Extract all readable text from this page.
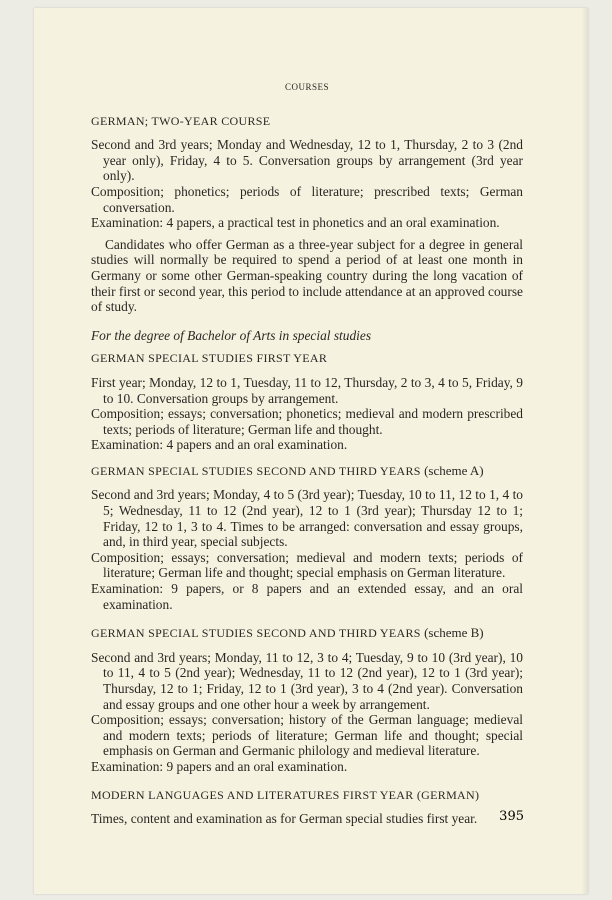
COURSES
GERMAN; TWO-YEAR COURSE

Second and 3rd years; Monday and Wednesday, 12 to 1, Thursday, 2 to 3 (2nd year only), Friday, 4 to 5. Conversation groups by arrangement (3rd year only).

Composition; phonetics; periods of literature; prescribed texts; German conversation.

Examination: 4 papers, a practical test in phonetics and an oral examination.

Candidates who offer German as a three-year subject for a degree in general studies will normally be required to spend a period of at least one month in Germany or some other German-speaking country during the long vacation of their first or second year, this period to include attendance at an approved course of study.

For the degree of Bachelor of Arts in special studies

GERMAN SPECIAL STUDIES FIRST YEAR

First year; Monday, 12 to 1, Tuesday, 11 to 12, Thursday, 2 to 3, 4 to 5, Friday, 9 to 10. Conversation groups by arrangement.

Composition; essays; conversation; phonetics; medieval and modern prescribed texts; periods of literature; German life and thought.

Examination: 4 papers and an oral examination.

GERMAN SPECIAL STUDIES SECOND AND THIRD YEARS (scheme A)

Second and 3rd years; Monday, 4 to 5 (3rd year); Tuesday, 10 to 11, 12 to 1, 4 to 5; Wednesday, 11 to 12 (2nd year), 12 to 1 (3rd year); Thursday 12 to 1; Friday, 12 to 1, 3 to 4. Times to be arranged: conversation and essay groups, and, in third year, special subjects.

Composition; essays; conversation; medieval and modern texts; periods of literature; German life and thought; special emphasis on German literature.

Examination: 9 papers, or 8 papers and an extended essay, and an oral examination.

GERMAN SPECIAL STUDIES SECOND AND THIRD YEARS (scheme B)

Second and 3rd years; Monday, 11 to 12, 3 to 4; Tuesday, 9 to 10 (3rd year), 10 to 11, 4 to 5 (2nd year); Wednesday, 11 to 12 (2nd year), 12 to 1 (3rd year); Thursday, 12 to 1; Friday, 12 to 1 (3rd year), 3 to 4 (2nd year). Conversation and essay groups and one other hour a week by arrangement.

Composition; essays; conversation; history of the German language; medieval and modern texts; periods of literature; German life and thought; special emphasis on German and Germanic philology and medieval literature.

Examination: 9 papers and an oral examination.

MODERN LANGUAGES AND LITERATURES FIRST YEAR (GERMAN)

Times, content and examination as for German special studies first year.	395
